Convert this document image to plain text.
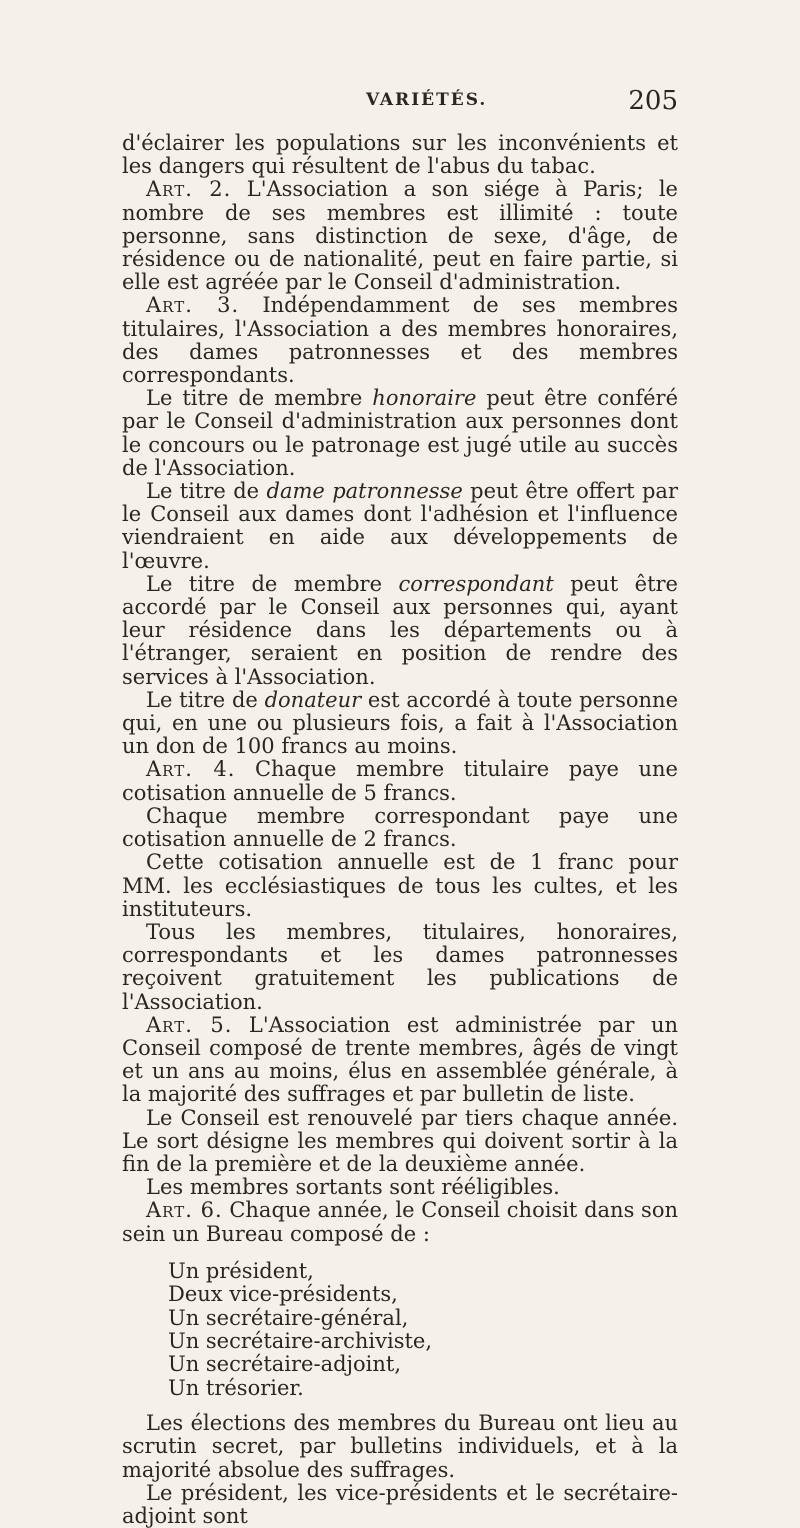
VARIÉTÉS.	205

d'éclairer les populations sur les inconvénients et les dangers qui résultent de l'abus du tabac.

Art. 2. L'Association a son siége à Paris; le nombre de ses membres est illimité : toute personne, sans distinction de sexe, d'âge, de résidence ou de nationalité, peut en faire partie, si elle est agréée par le Conseil d'administration.

Art. 3. Indépendamment de ses membres titulaires, l'Association a des membres honoraires, des dames patronnesses et des membres correspondants.

Le titre de membre honoraire peut être conféré par le Conseil d'administration aux personnes dont le concours ou le patronage est jugé utile au succès de l'Association.

Le titre de dame patronnesse peut être offert par le Conseil aux dames dont l'adhésion et l'influence viendraient en aide aux développements de l'œuvre.

Le titre de membre correspondant peut être accordé par le Conseil aux personnes qui, ayant leur résidence dans les départements ou à l'étranger, seraient en position de rendre des services à l'Association.

Le titre de donateur est accordé à toute personne qui, en une ou plusieurs fois, a fait à l'Association un don de 100 francs au moins.

Art. 4. Chaque membre titulaire paye une cotisation annuelle de 5 francs.

Chaque membre correspondant paye une cotisation annuelle de 2 francs.

Cette cotisation annuelle est de 1 franc pour MM. les ecclésiastiques de tous les cultes, et les instituteurs.

Tous les membres, titulaires, honoraires, correspondants et les dames patronnesses reçoivent gratuitement les publications de l'Association.

Art. 5. L'Association est administrée par un Conseil composé de trente membres, âgés de vingt et un ans au moins, élus en assemblée générale, à la majorité des suffrages et par bulletin de liste.

Le Conseil est renouvelé par tiers chaque année. Le sort désigne les membres qui doivent sortir à la fin de la première et de la deuxième année.

Les membres sortants sont rééligibles.

Art. 6. Chaque année, le Conseil choisit dans son sein un Bureau composé de :

Un président,
Deux vice-présidents,
Un secrétaire-général,
Un secrétaire-archiviste,
Un secrétaire-adjoint,
Un trésorier.

Les élections des membres du Bureau ont lieu au scrutin secret, par bulletins individuels, et à la majorité absolue des suffrages.

Le président, les vice-présidents et le secrétaire-adjoint sont
